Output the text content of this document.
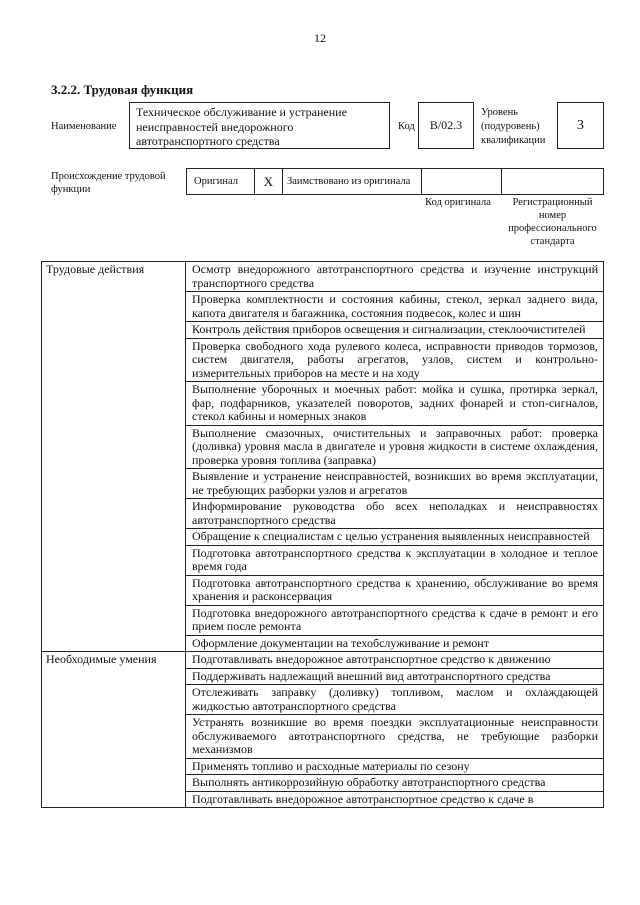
12
3.2.2. Трудовая функция
Наименование
Техническое обслуживание и устранение неисправностей внедорожного автотранспортного средства
Код	B/02.3
Уровень (подуровень) квалификации
3
Происхождение трудовой функции
Оригинал	X	Заимствовано из оригинала
Код оригинала	Регистрационный номер профессионального стандарта
Трудовые действия	Осмотр внедорожного автотранспортного средства и изучение инструкций транспортного средства
	Проверка комплектности и состояния кабины, стекол, зеркал заднего вида, капота двигателя и багажника, состояния подвесок, колес и шин
	Контроль действия приборов освещения и сигнализации, стеклоочистителей
	Проверка свободного хода рулевого колеса, исправности приводов тормозов, систем двигателя, работы агрегатов, узлов, систем и контрольно-измерительных приборов на месте и на ходу
	Выполнение уборочных и моечных работ: мойка и сушка, протирка зеркал, фар, подфарников, указателей поворотов, задних фонарей и стоп-сигналов, стекол кабины и номерных знаков
	Выполнение смазочных, очистительных и заправочных работ: проверка (доливка) уровня масла в двигателе и уровня жидкости в системе охлаждения, проверка уровня топлива (заправка)
	Выявление и устранение неисправностей, возникших во время эксплуатации, не требующих разборки узлов и агрегатов
	Информирование руководства обо всех неполадках и неисправностях автотранспортного средства
	Обращение к специалистам с целью устранения выявленных неисправностей
	Подготовка автотранспортного средства к эксплуатации в холодное и теплое время года
	Подготовка автотранспортного средства к хранению, обслуживание во время хранения и расконсервация
	Подготовка внедорожного автотранспортного средства к сдаче в ремонт и его прием после ремонта
	Оформление документации на техобслуживание и ремонт
Необходимые умения	Подготавливать внедорожное автотранспортное средство к движению
	Поддерживать надлежащий внешний вид автотранспортного средства
	Отслеживать заправку (доливку) топливом, маслом и охлаждающей жидкостью автотранспортного средства
	Устранять возникшие во время поездки эксплуатационные неисправности обслуживаемого автотранспортного средства, не требующие разборки механизмов
	Применять топливо и расходные материалы по сезону
	Выполнять антикоррозийную обработку автотранспортного средства
	Подготавливать внедорожное автотранспортное средство к сдаче в
